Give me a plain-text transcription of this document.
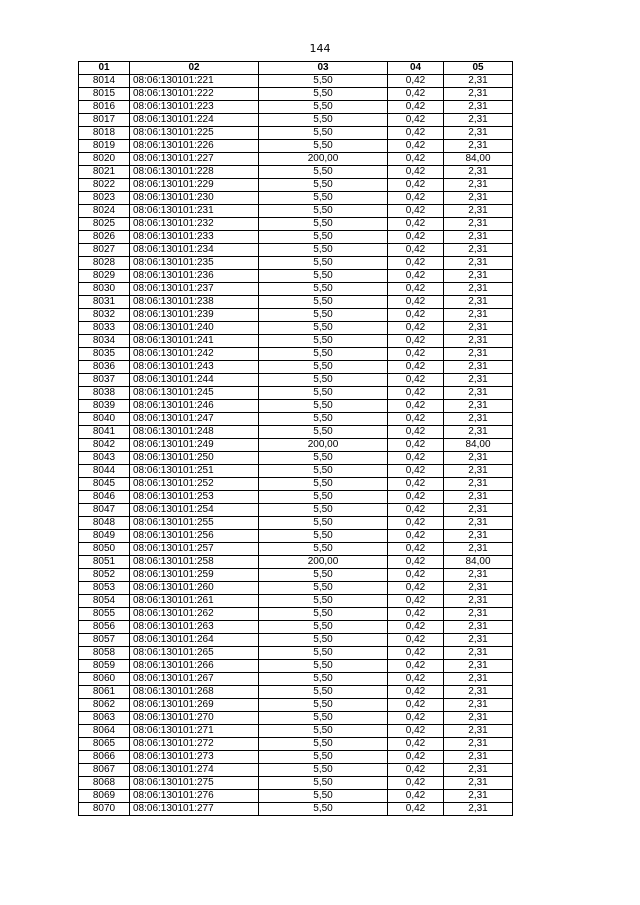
144
01	02	03	04	05
8014	08:06:130101:221	5,50	0,42	2,31
8015	08:06:130101:222	5,50	0,42	2,31
8016	08:06:130101:223	5,50	0,42	2,31
8017	08:06:130101:224	5,50	0,42	2,31
8018	08:06:130101:225	5,50	0,42	2,31
8019	08:06:130101:226	5,50	0,42	2,31
8020	08:06:130101:227	200,00	0,42	84,00
8021	08:06:130101:228	5,50	0,42	2,31
8022	08:06:130101:229	5,50	0,42	2,31
8023	08:06:130101:230	5,50	0,42	2,31
8024	08:06:130101:231	5,50	0,42	2,31
8025	08:06:130101:232	5,50	0,42	2,31
8026	08:06:130101:233	5,50	0,42	2,31
8027	08:06:130101:234	5,50	0,42	2,31
8028	08:06:130101:235	5,50	0,42	2,31
8029	08:06:130101:236	5,50	0,42	2,31
8030	08:06:130101:237	5,50	0,42	2,31
8031	08:06:130101:238	5,50	0,42	2,31
8032	08:06:130101:239	5,50	0,42	2,31
8033	08:06:130101:240	5,50	0,42	2,31
8034	08:06:130101:241	5,50	0,42	2,31
8035	08:06:130101:242	5,50	0,42	2,31
8036	08:06:130101:243	5,50	0,42	2,31
8037	08:06:130101:244	5,50	0,42	2,31
8038	08:06:130101:245	5,50	0,42	2,31
8039	08:06:130101:246	5,50	0,42	2,31
8040	08:06:130101:247	5,50	0,42	2,31
8041	08:06:130101:248	5,50	0,42	2,31
8042	08:06:130101:249	200,00	0,42	84,00
8043	08:06:130101:250	5,50	0,42	2,31
8044	08:06:130101:251	5,50	0,42	2,31
8045	08:06:130101:252	5,50	0,42	2,31
8046	08:06:130101:253	5,50	0,42	2,31
8047	08:06:130101:254	5,50	0,42	2,31
8048	08:06:130101:255	5,50	0,42	2,31
8049	08:06:130101:256	5,50	0,42	2,31
8050	08:06:130101:257	5,50	0,42	2,31
8051	08:06:130101:258	200,00	0,42	84,00
8052	08:06:130101:259	5,50	0,42	2,31
8053	08:06:130101:260	5,50	0,42	2,31
8054	08:06:130101:261	5,50	0,42	2,31
8055	08:06:130101:262	5,50	0,42	2,31
8056	08:06:130101:263	5,50	0,42	2,31
8057	08:06:130101:264	5,50	0,42	2,31
8058	08:06:130101:265	5,50	0,42	2,31
8059	08:06:130101:266	5,50	0,42	2,31
8060	08:06:130101:267	5,50	0,42	2,31
8061	08:06:130101:268	5,50	0,42	2,31
8062	08:06:130101:269	5,50	0,42	2,31
8063	08:06:130101:270	5,50	0,42	2,31
8064	08:06:130101:271	5,50	0,42	2,31
8065	08:06:130101:272	5,50	0,42	2,31
8066	08:06:130101:273	5,50	0,42	2,31
8067	08:06:130101:274	5,50	0,42	2,31
8068	08:06:130101:275	5,50	0,42	2,31
8069	08:06:130101:276	5,50	0,42	2,31
8070	08:06:130101:277	5,50	0,42	2,31
